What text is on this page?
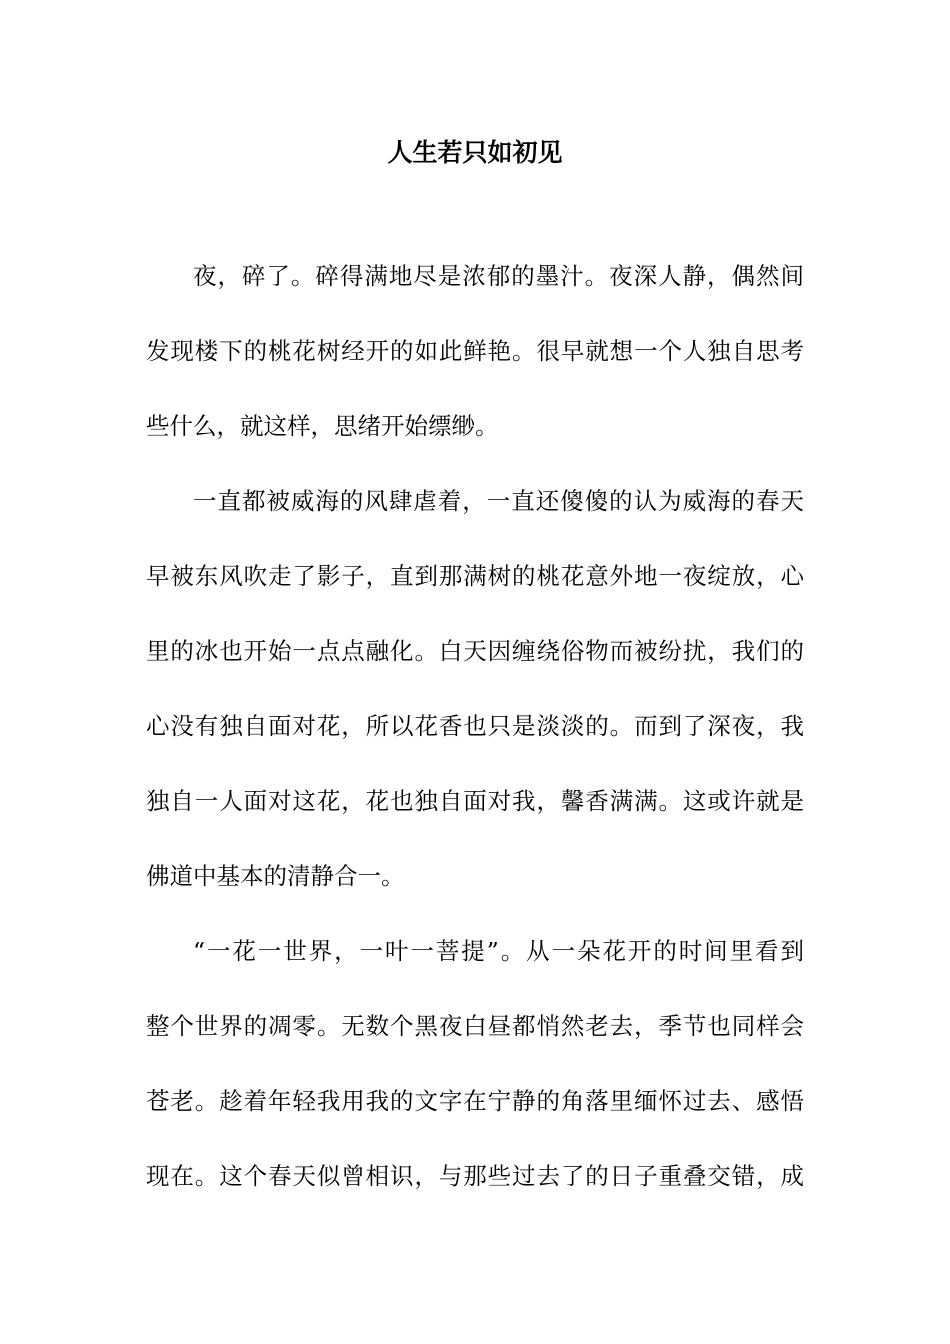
人生若只如初见
夜，碎了。碎得满地尽是浓郁的墨汁。夜深人静，偶然间
发现楼下的桃花树经开的如此鲜艳。很早就想一个人独自思考
些什么，就这样，思绪开始缥缈。
一直都被威海的风肆虐着，一直还傻傻的认为威海的春天
早被东风吹走了影子，直到那满树的桃花意外地一夜绽放，心
里的冰也开始一点点融化。白天因缠绕俗物而被纷扰，我们的
心没有独自面对花，所以花香也只是淡淡的。而到了深夜，我
独自一人面对这花，花也独自面对我，馨香满满。这或许就是
佛道中基本的清静合一。
“一花一世界，一叶一菩提”。从一朵花开的时间里看到
整个世界的凋零。无数个黑夜白昼都悄然老去，季节也同样会
苍老。趁着年轻我用我的文字在宁静的角落里缅怀过去、感悟
现在。这个春天似曾相识，与那些过去了的日子重叠交错，成
